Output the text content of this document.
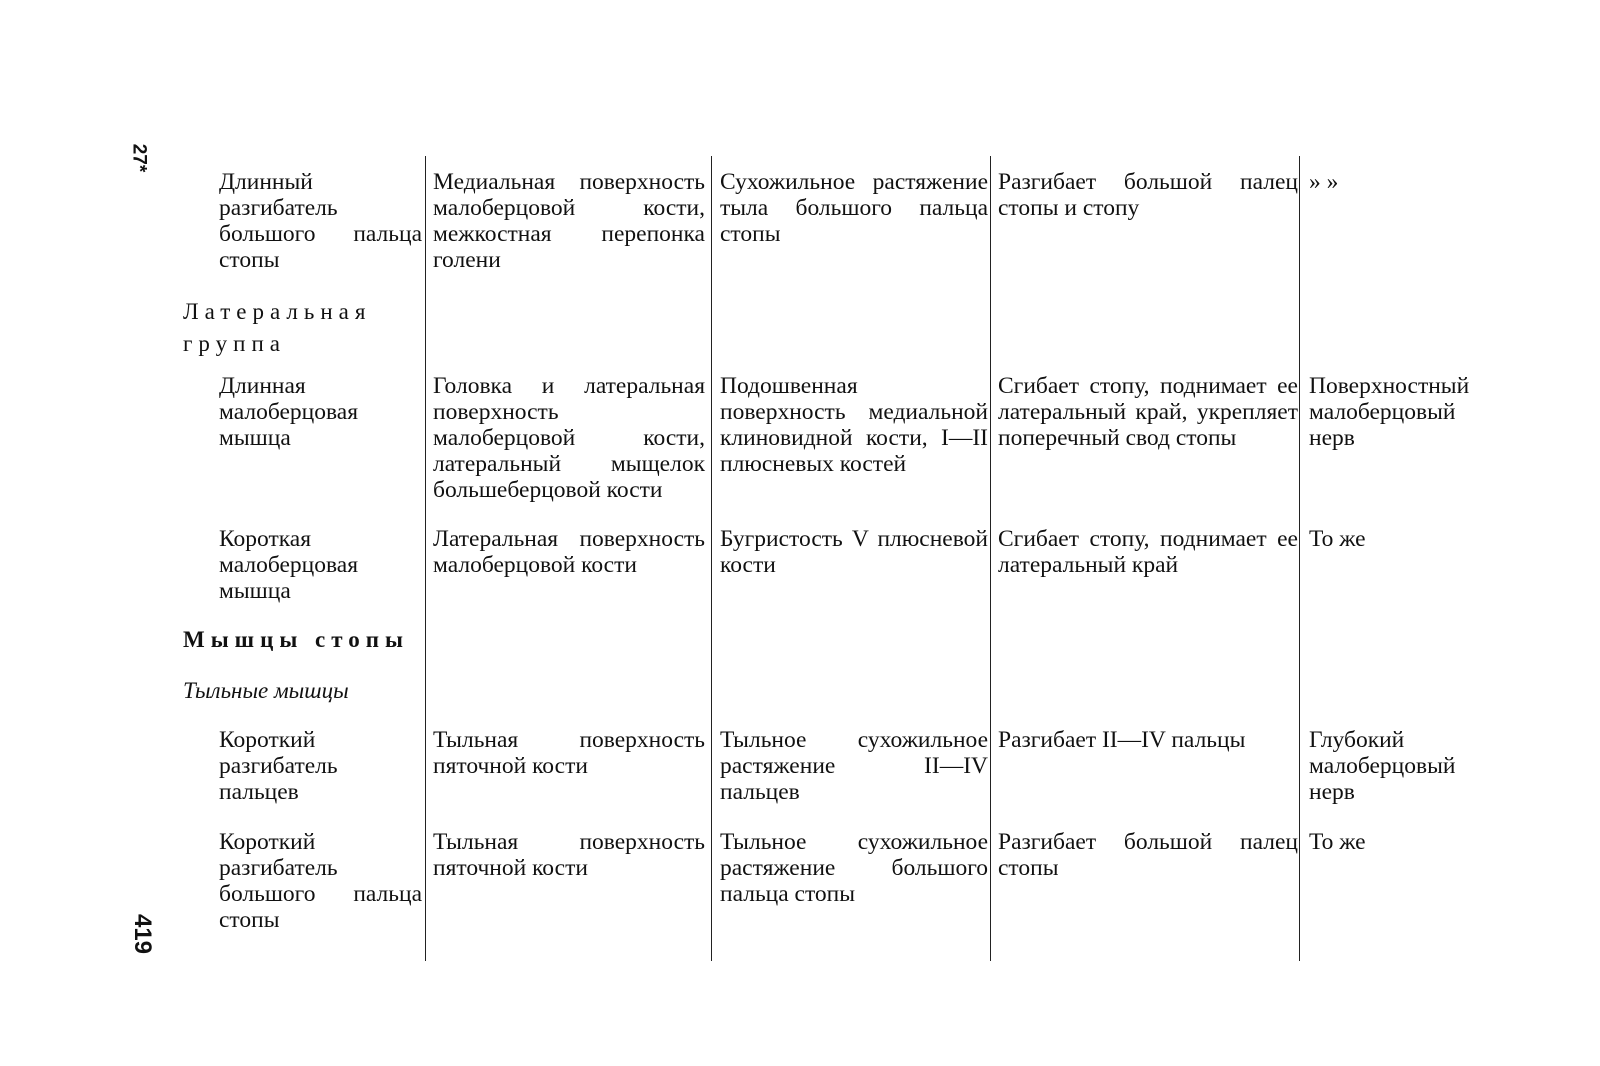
27*
419
Длинный разгибатель большого пальца стопы
Медиальная поверхность малоберцовой кости, межкостная перепонка голени
Сухожильное растяжение тыла большого пальца стопы
Разгибает большой палец стопы и стопу
» »
Латеральная группа
Длинная малоберцовая мышца
Головка и латеральная поверхность малоберцовой кости, латеральный мыщелок большеберцовой кости
Подошвенная поверхность медиальной клиновидной кости, I—II плюсневых костей
Сгибает стопу, поднимает ее латеральный край, укрепляет поперечный свод стопы
Поверхностный малоберцовый нерв
Короткая малоберцовая мышца
Латеральная поверхность малоберцовой кости
Бугристость V плюсневой кости
Сгибает стопу, поднимает ее латеральный край
То же
Мышцы стопы
Тыльные мышцы
Короткий разгибатель пальцев
Тыльная поверхность пяточной кости
Тыльное сухожильное растяжение II—IV пальцев
Разгибает II—IV пальцы	Глубокий малоберцовый нерв
Короткий разгибатель большого пальца стопы
Тыльная поверхность пяточной кости
Тыльное сухожильное растяжение большого пальца стопы
Разгибает большой палец стопы
То же
